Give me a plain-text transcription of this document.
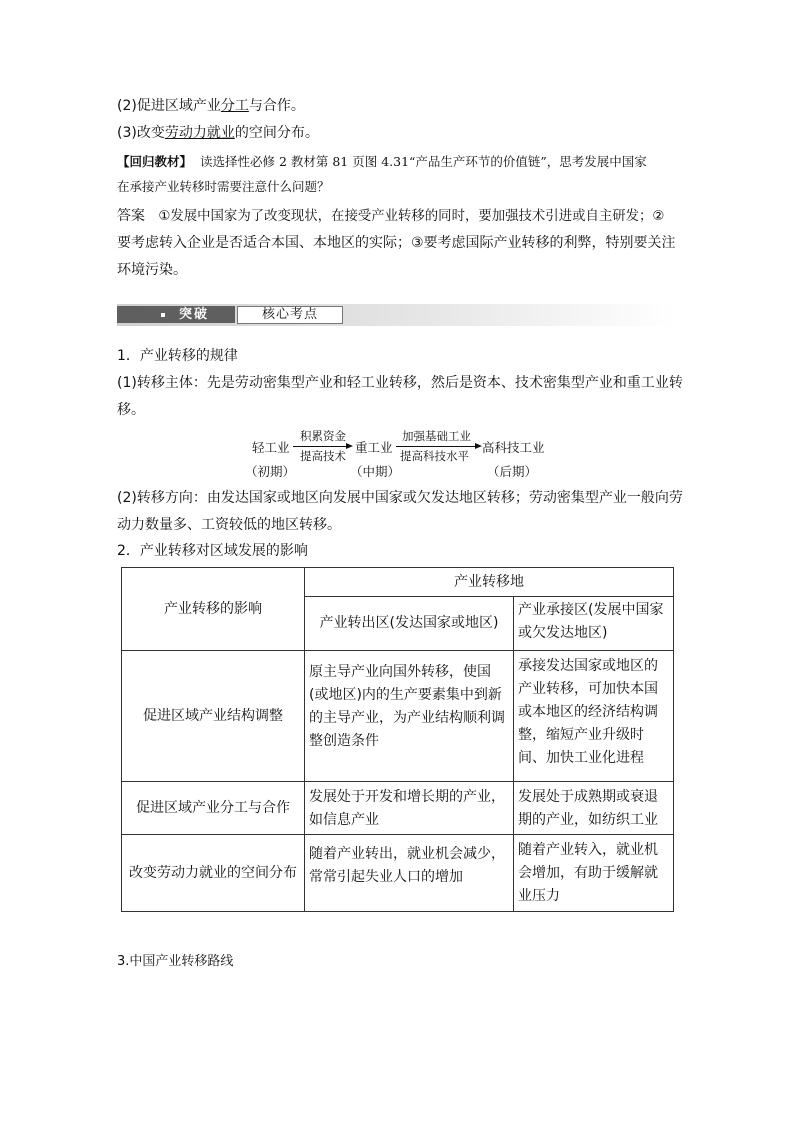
(2)促进区域产业分工与合作。
(3)改变劳动力就业的空间分布。
【回归教材】 读选择性必修 2 教材第 81 页图 4.31“产品生产环节的价值链”，思考发展中国家
在承接产业转移时需要注意什么问题？
答案 ①发展中国家为了改变现状，在接受产业转移的同时，要加强技术引进或自主研发；②
要考虑转入企业是否适合本国、本地区的实际；③要考虑国际产业转移的利弊，特别要关注
环境污染。
突破	核心考点
1．产业转移的规律
(1)转移主体：先是劳动密集型产业和轻工业转移，然后是资本、技术密集型产业和重工业转
移。
轻工业
积累资金
提高技术
重工业
加强基础工业
提高科技水平
高科技工业
（初期）	（中期）	（后期）
(2)转移方向：由发达国家或地区向发展中国家或欠发达地区转移；劳动密集型产业一般向劳
动力数量多、工资较低的地区转移。
2．产业转移对区域发展的影响
产业转移的影响	产业转移地	
	产业转出区(发达国家或地区)	产业承接区(发展中国家或欠发达地区)
促进区域产业结构调整	原主导产业向国外转移，使国(或地区)内的生产要素集中到新的主导产业，为产业结构顺利调整创造条件	承接发达国家或地区的产业转移，可加快本国或本地区的经济结构调整，缩短产业升级时间、加快工业化进程
促进区域产业分工与合作	发展处于开发和增长期的产业，如信息产业	发展处于成熟期或衰退期的产业，如纺织工业
改变劳动力就业的空间分布	随着产业转出，就业机会减少，常常引起失业人口的增加	随着产业转入，就业机会增加，有助于缓解就业压力
3.中国产业转移路线
